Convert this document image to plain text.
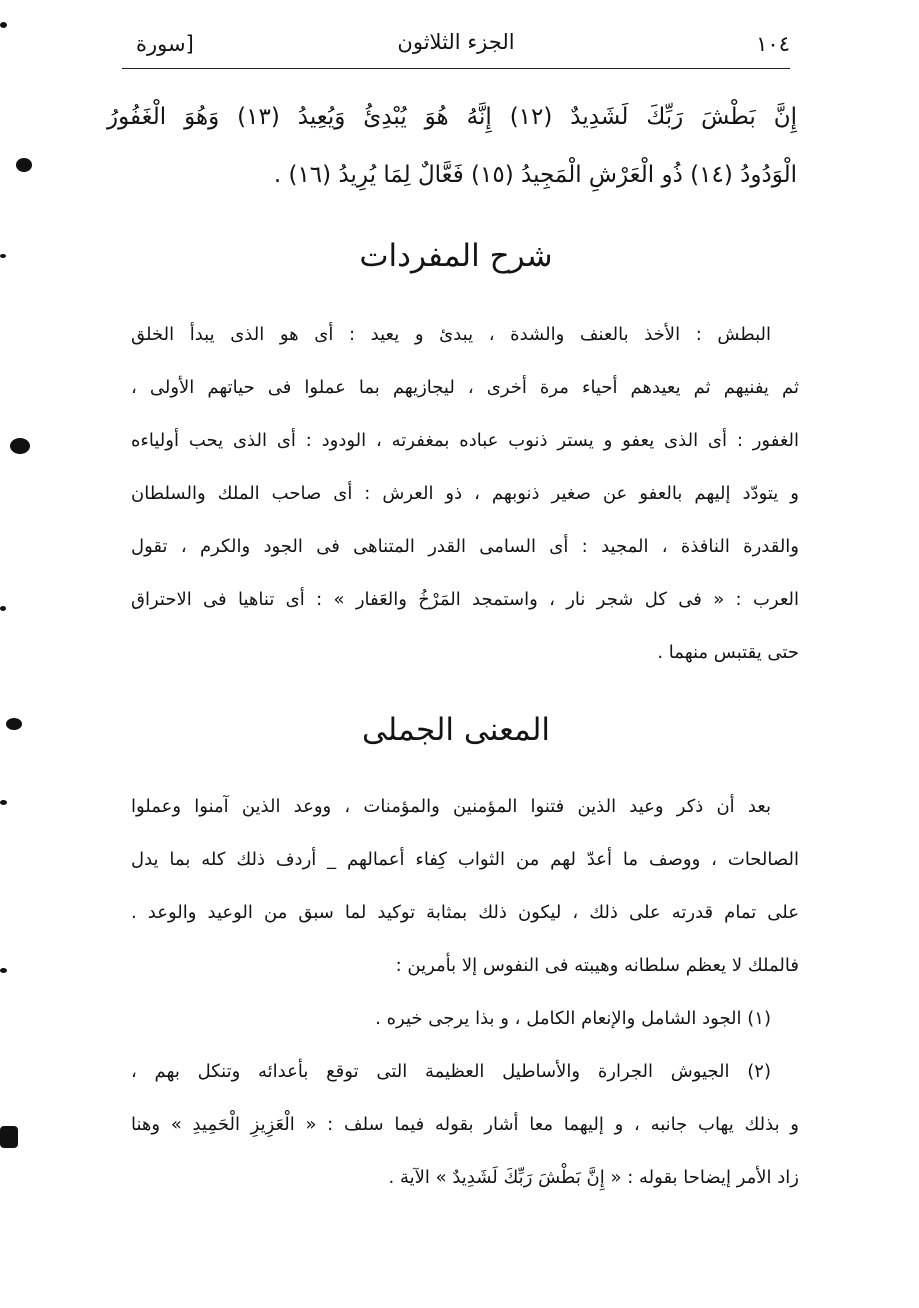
١٠٤
الجزء الثلاثون
[سورة
إِنَّ بَطْشَ رَبِّكَ لَشَدِيدٌ (١٢) إِنَّهُ هُوَ يُبْدِئُ وَيُعِيدُ (١٣) وَهُوَ الْغَفُورُ
الْوَدُودُ (١٤) ذُو الْعَرْشِ الْمَجِيدُ (١٥) فَعَّالٌ لِمَا يُرِيدُ (١٦) .
شرح المفردات
البطش : الأخذ بالعنف والشدة ، يبدئ و يعيد : أى هو الذى يبدأ الخلق
ثم يفنيهم ثم يعيدهم أحياء مرة أخرى ، ليجازيهم بما عملوا فى حياتهم الأولى ،
الغفور : أى الذى يعفو و يستر ذنوب عباده بمغفرته ، الودود : أى الذى يحب أولياءه
و يتودّد إليهم بالعفو عن صغير ذنوبهم ، ذو العرش : أى صاحب الملك والسلطان
والقدرة النافذة ، المجيد : أى السامى القدر المتناهى فى الجود والكرم ، تقول
العرب : « فى كل شجر نار ، واستمجد المَرْخُ والعَفار » : أى تناهيا فى الاحتراق
حتى يقتبس منهما .
المعنى الجملى
بعد أن ذكر وعيد الذين فتنوا المؤمنين والمؤمنات ، ووعد الذين آمنوا وعملوا
الصالحات ، ووصف ما أعدّ لهم من الثواب كِفاء أعمالهم _ أردف ذلك كله بما يدل
على تمام قدرته على ذلك ، ليكون ذلك بمثابة توكيد لما سبق من الوعيد والوعد .
فالملك لا يعظم سلطانه وهيبته فى النفوس إلا بأمرين :
(١) الجود الشامل والإنعام الكامل ، و بذا يرجى خيره .
(٢) الجيوش الجرارة والأساطيل العظيمة التى توقع بأعدائه وتنكل بهم ،
و بذلك يهاب جانبه ، و إليهما معا أشار بقوله فيما سلف : « الْعَزِيزِ الْحَمِيدِ » وهنا
زاد الأمر إيضاحا بقوله : « إِنَّ بَطْشَ رَبِّكَ لَشَدِيدٌ » الآية .
